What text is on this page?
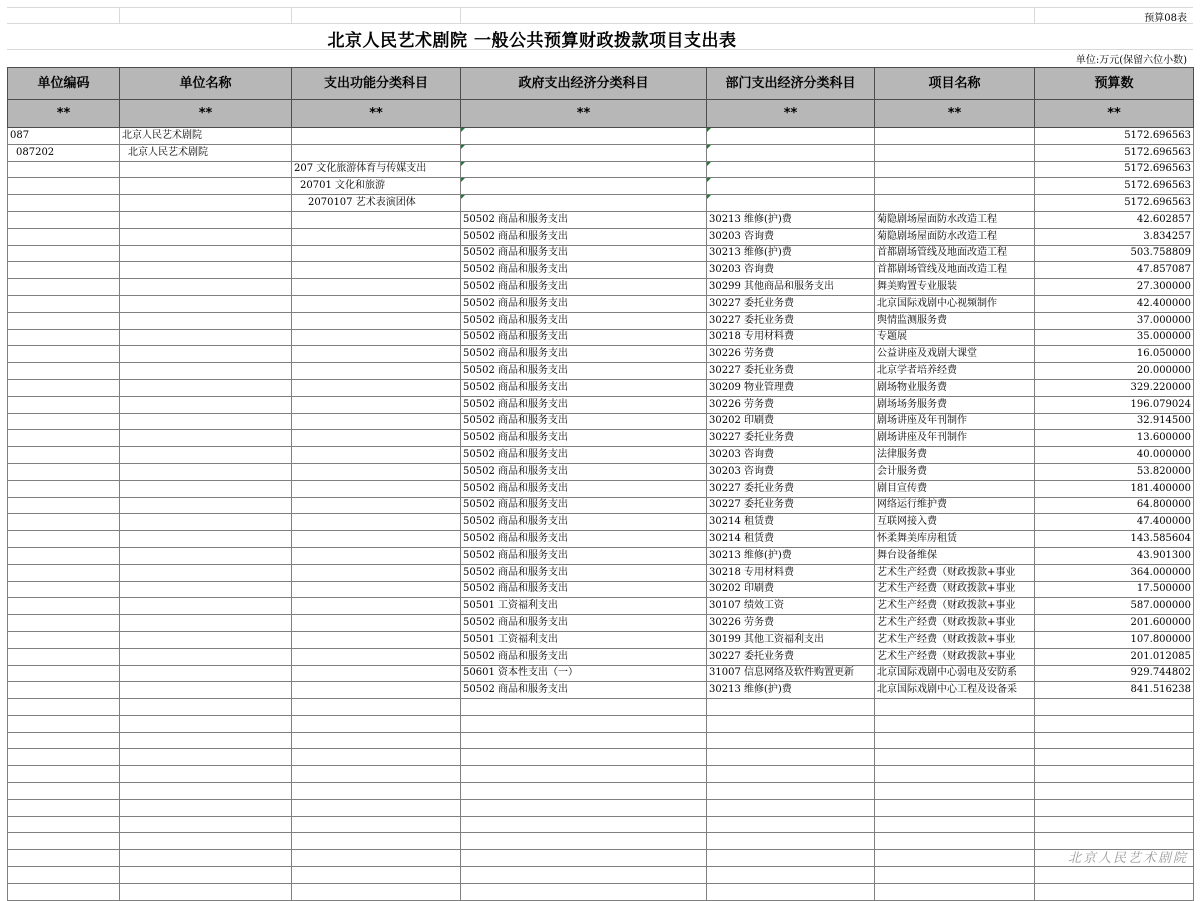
预算08表
北京人民艺术剧院 一般公共预算财政拨款项目支出表
单位:万元(保留六位小数)
单位编码	单位名称	支出功能分类科目	政府支出经济分类科目	部门支出经济分类科目	项目名称	预算数
**	**	**	**	**	**	**
087	北京人民艺术剧院					5172.696563
087202	北京人民艺术剧院					5172.696563
		207 文化旅游体育与传媒支出				5172.696563
		20701 文化和旅游				5172.696563
		2070107 艺术表演团体				5172.696563
			50502 商品和服务支出	30213 维修(护)费	菊隐剧场屋面防水改造工程	42.602857
			50502 商品和服务支出	30203 咨询费	菊隐剧场屋面防水改造工程	3.834257
			50502 商品和服务支出	30213 维修(护)费	首都剧场管线及地面改造工程	503.758809
			50502 商品和服务支出	30203 咨询费	首都剧场管线及地面改造工程	47.857087
			50502 商品和服务支出	30299 其他商品和服务支出	舞美购置专业服装	27.300000
			50502 商品和服务支出	30227 委托业务费	北京国际戏剧中心视频制作	42.400000
			50502 商品和服务支出	30227 委托业务费	舆情监测服务费	37.000000
			50502 商品和服务支出	30218 专用材料费	专题展	35.000000
			50502 商品和服务支出	30226 劳务费	公益讲座及戏剧大课堂	16.050000
			50502 商品和服务支出	30227 委托业务费	北京学者培养经费	20.000000
			50502 商品和服务支出	30209 物业管理费	剧场物业服务费	329.220000
			50502 商品和服务支出	30226 劳务费	剧场场务服务费	196.079024
			50502 商品和服务支出	30202 印刷费	剧场讲座及年刊制作	32.914500
			50502 商品和服务支出	30227 委托业务费	剧场讲座及年刊制作	13.600000
			50502 商品和服务支出	30203 咨询费	法律服务费	40.000000
			50502 商品和服务支出	30203 咨询费	会计服务费	53.820000
			50502 商品和服务支出	30227 委托业务费	剧目宣传费	181.400000
			50502 商品和服务支出	30227 委托业务费	网络运行维护费	64.800000
			50502 商品和服务支出	30214 租赁费	互联网接入费	47.400000
			50502 商品和服务支出	30214 租赁费	怀柔舞美库房租赁	143.585604
			50502 商品和服务支出	30213 维修(护)费	舞台设备维保	43.901300
			50502 商品和服务支出	30218 专用材料费	艺术生产经费（财政拨款+事业	364.000000
			50502 商品和服务支出	30202 印刷费	艺术生产经费（财政拨款+事业	17.500000
			50501 工资福利支出	30107 绩效工资	艺术生产经费（财政拨款+事业	587.000000
			50502 商品和服务支出	30226 劳务费	艺术生产经费（财政拨款+事业	201.600000
			50501 工资福利支出	30199 其他工资福利支出	艺术生产经费（财政拨款+事业	107.800000
			50502 商品和服务支出	30227 委托业务费	艺术生产经费（财政拨款+事业	201.012085
			50601 资本性支出（一）	31007 信息网络及软件购置更新	北京国际戏剧中心弱电及安防系	929.744802
			50502 商品和服务支出	30213 维修(护)费	北京国际戏剧中心工程及设备采	841.516238

北京人民艺术剧院
